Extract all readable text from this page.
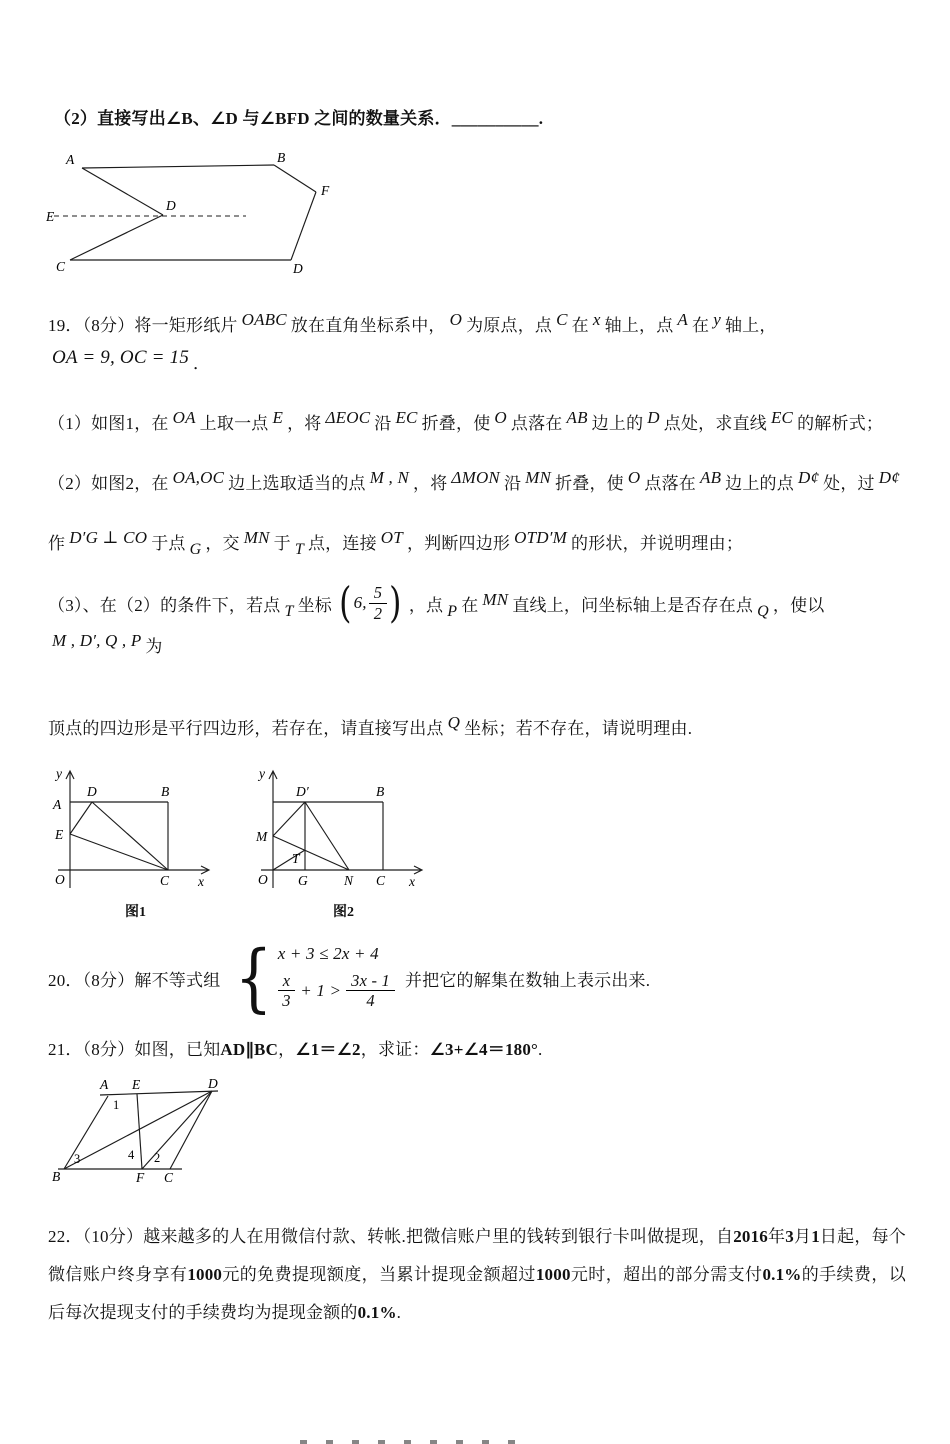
（2）直接写出∠B、∠D 与∠BFD 之间的数量关系．__________.

A	B
F
D
E
C	D

19．（8分）将一矩形纸片 OABC 放在直角坐标系中， O 为原点，点 C 在 x 轴上，点 A 在 y 轴上，OA = 9, OC = 15 ．

（1）如图1，在 OA 上取一点 E ，将 ΔEOC 沿 EC 折叠，使 O 点落在 AB 边上的 D 点处，求直线 EC 的解析式；

（2）如图2，在 OA,OC 边上选取适当的点 M , N ，将 ΔMON 沿 MN 折叠，使 O 点落在 AB 边上的点 D¢ 处，过 D¢

作 D′G ⊥ CO 于点 G ，交 MN 于 T 点，连接 OT ，判断四边形 OTD′M 的形状，并说明理由；

（3）、在（2）的条件下，若点 T 坐标 ( 6, $\frac{5}{2}$ ) ，点 P 在 MN 直线上，问坐标轴上是否存在点 Q ，使以M , D′, Q , P 为

顶点的四边形是平行四边形，若存在，请直接写出点 Q 坐标；若不存在，请说明理由.

y
x
A
D	B
E
O	C
图1
y
x
D′	B
M
T
O G	N C
图2
20．（8分）解不等式组 { x + 3 ≤ 2x + 4
$\frac{x}{3} + 1 > \frac{3x - 1}{4}$ 并把它的解集在数轴上表示出来.

21．（8分）如图，已知AD∥BC，∠1＝∠2，求证：∠3+∠4＝180°.

A E	D
B	F C
1
3	4 2

22．（10分）越来越多的人在用微信付款、转帐.把微信账户里的钱转到银行卡叫做提现，自2016年3月1日起，每个微信账户终身享有1000元的免费提现额度，当累计提现金额超过1000元时，超出的部分需支付0.1%的手续费，以后每次提现支付的手续费均为提现金额的0.1%.
